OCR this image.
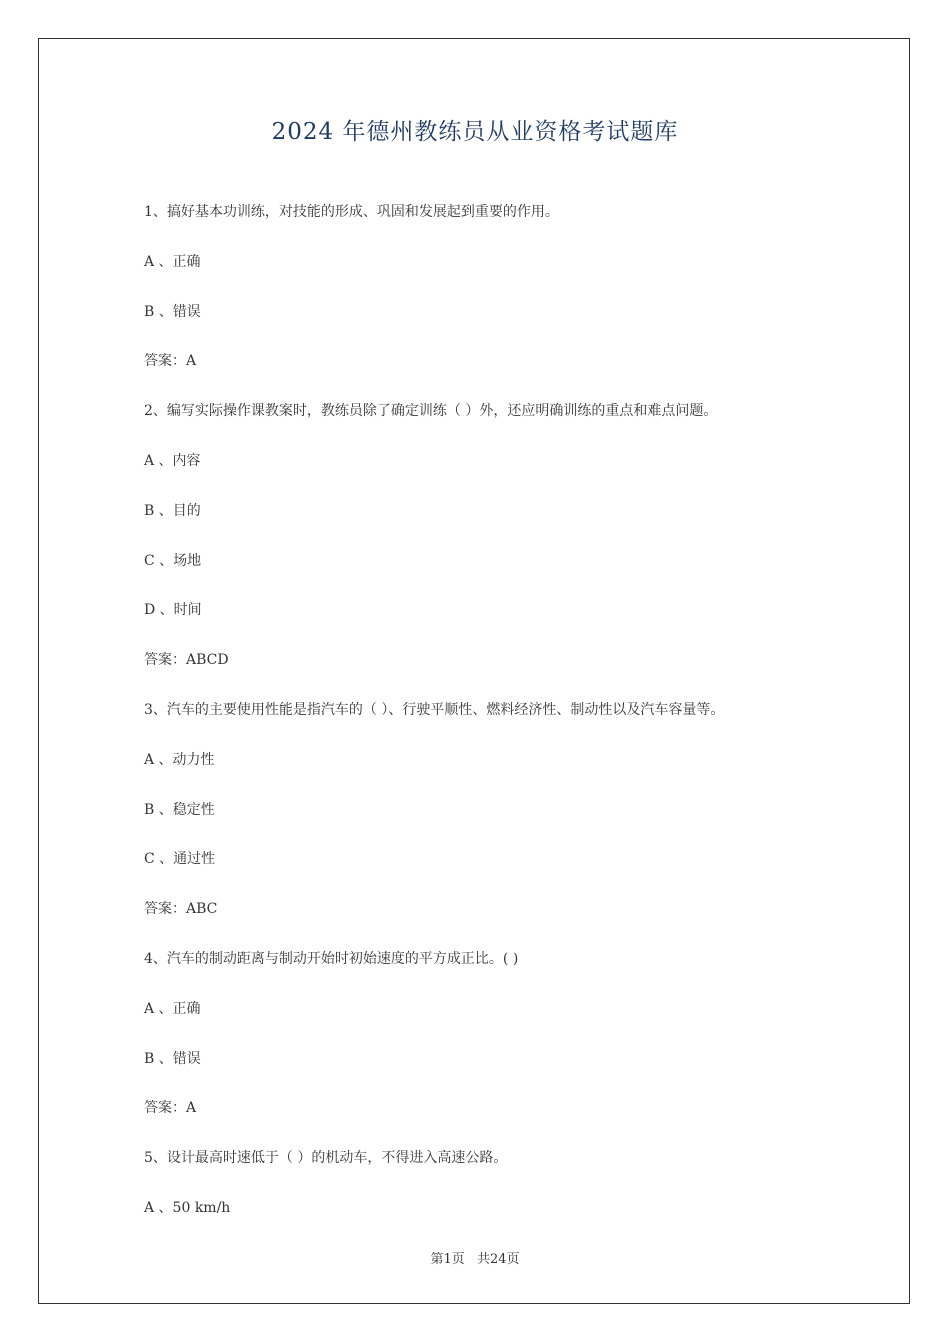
2024 年德州教练员从业资格考试题库
1、搞好基本功训练，对技能的形成、巩固和发展起到重要的作用。
A 、正确
B 、错误
答案：A
2、编写实际操作课教案时，教练员除了确定训练（ ）外，还应明确训练的重点和难点问题。
A 、内容
B 、目的
C 、场地
D 、时间
答案：ABCD
3、汽车的主要使用性能是指汽车的（ ）、行驶平顺性、燃料经济性、制动性以及汽车容量等。
A 、动力性
B 、稳定性
C 、通过性
答案：ABC
4、汽车的制动距离与制动开始时初始速度的平方成正比。( )
A 、正确
B 、错误
答案：A
5、设计最高时速低于（ ）的机动车，不得进入高速公路。
A 、50 km/h
第1页 共24页
